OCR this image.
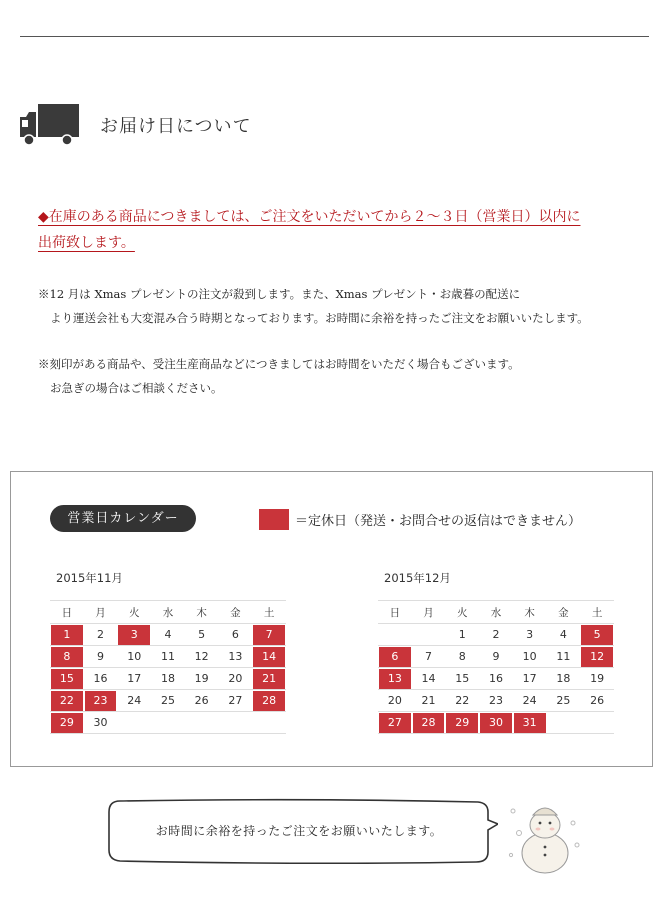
お届け日について
◆在庫のある商品につきましては、ご注文をいただいてから２～３日（営業日）以内に
出荷致します。
※12 月は Xmas プレゼントの注文が殺到します。また、Xmas プレゼント・お歳暮の配送に
より運送会社も大変混み合う時期となっております。お時間に余裕を持ったご注文をお願いいたします。
※刻印がある商品や、受注生産商品などにつきましてはお時間をいただく場合もございます。
お急ぎの場合はご相談ください。
営業日カレンダー	＝定休日（発送・お問合せの返信はできません）
2015年11月
日	月	火	水	木	金	土

1	2	3	4	5	6	7

8	9	10	11	12	13	14

15	16	17	18	19	20	21

22	23	24	25	26	27	28

29	30					
2015年12月
日	月	火	水	木	金	土
		1	2	3	4	5

6	7	8	9	10	11	12

13	14	15	16	17	18	19
20	21	22	23	24	25	26

27	28	29	30	31		

お時間に余裕を持ったご注文をお願いいたします。
